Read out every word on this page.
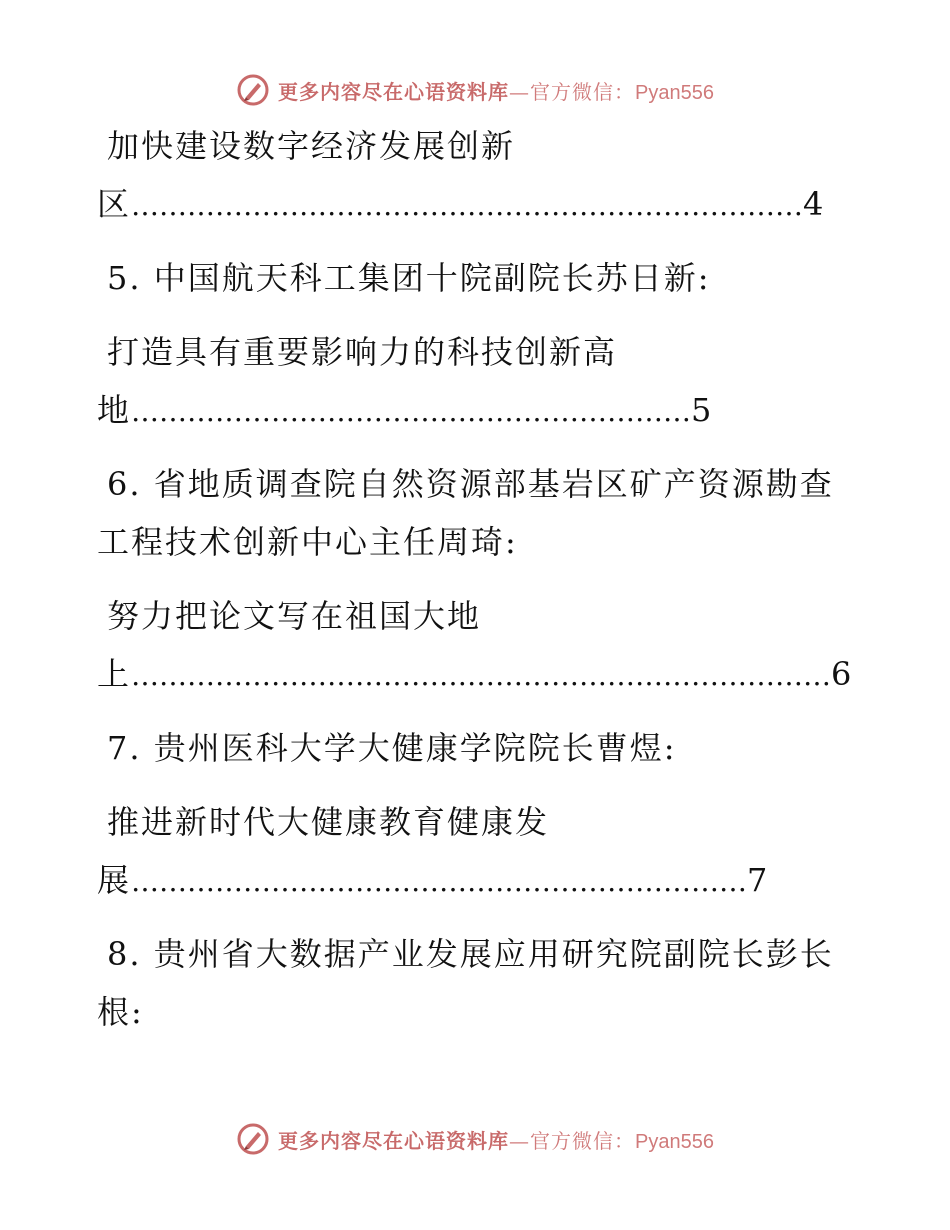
更多内容尽在心语资料库—官方微信：Pyan556
加快建设数字经济发展创新
区 ……………………………………………………………… 4
5. 中国航天科工集团十院副院长苏日新:
打造具有重要影响力的科技创新高
地 …………………………………………………… 5
6. 省地质调查院自然资源部基岩区矿产资源勘查
工程技术创新中心主任周琦:
努力把论文写在祖国大地
上 ………………………………………………………………… 6
7. 贵州医科大学大健康学院院长曹煜:
推进新时代大健康教育健康发
展 ………………………………………………………… 7
8. 贵州省大数据产业发展应用研究院副院长彭长
根:
更多内容尽在心语资料库—官方微信：Pyan556
